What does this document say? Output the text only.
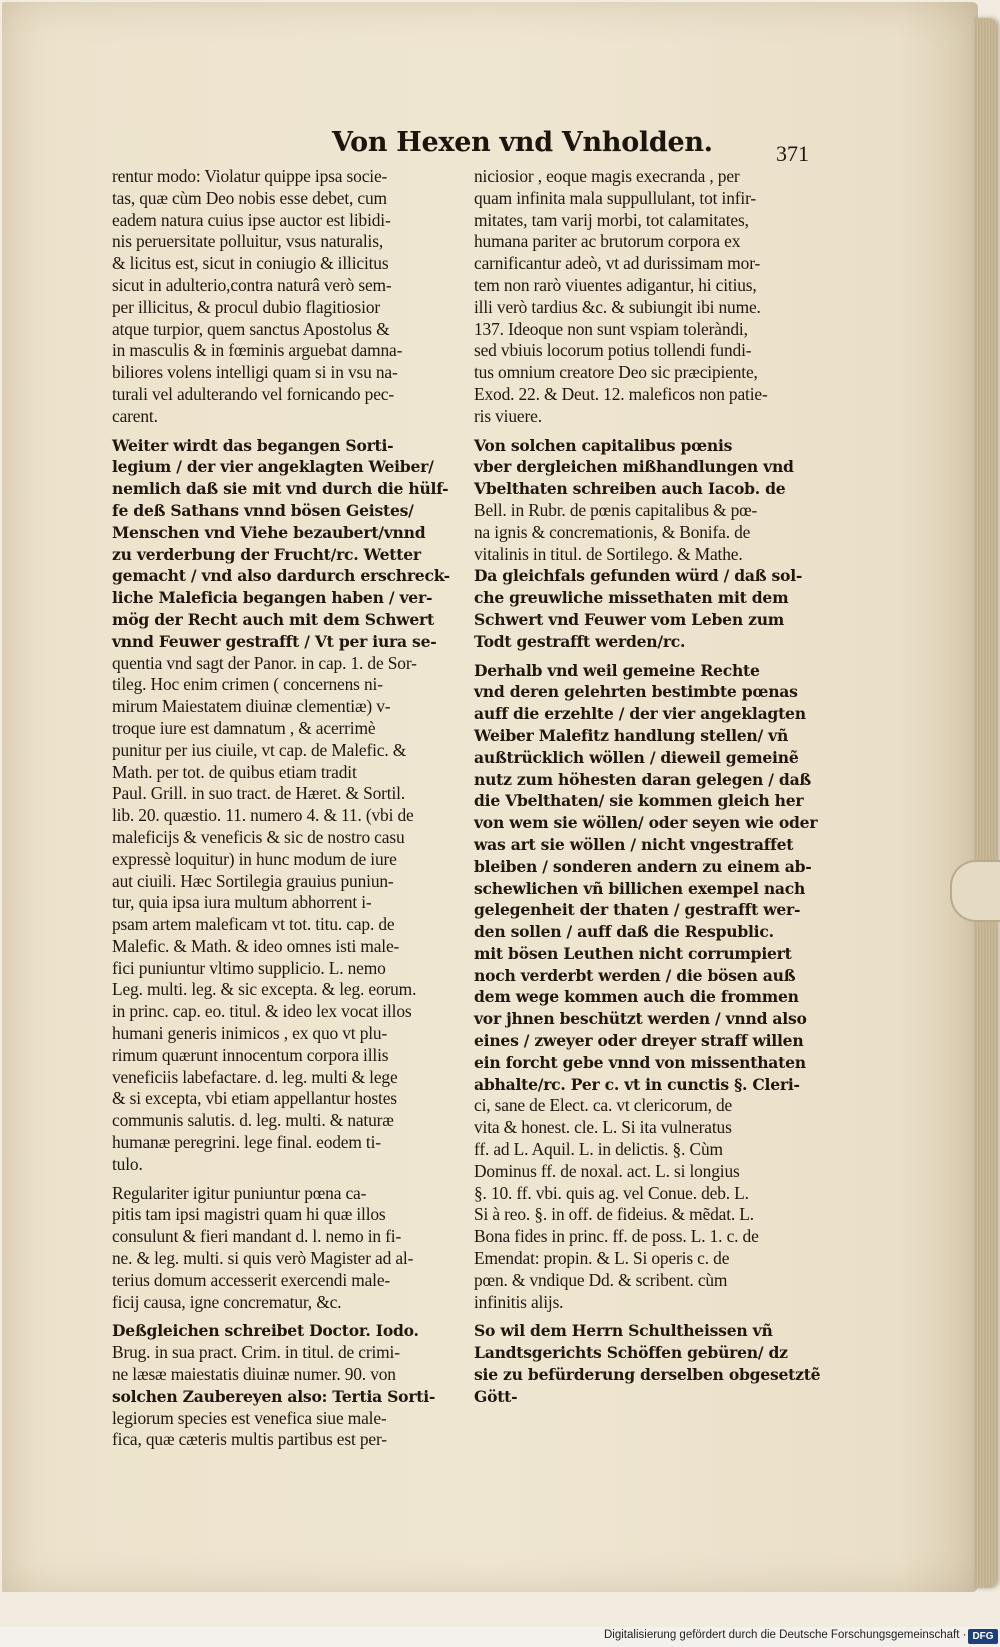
Von Hexen vnd Vnholden.	371
rentur modo: Violatur quippe ipsa socie-
tas, quæ cùm Deo nobis esse debet, cum
eadem natura cuius ipse auctor est libidi-
nis peruersitate polluitur, vsus naturalis,
& licitus est, sicut in coniugio & illicitus
sicut in adulterio,contra naturâ verò sem-
per illicitus, & procul dubio flagitiosior
atque turpior, quem sanctus Apostolus &
in masculis & in fœminis arguebat damna-
biliores volens intelligi quam si in vsu na-
turali vel adulterando vel fornicando pec-
carent.
Weiter wirdt das begangen Sorti-
legium / der vier angeklagten Weiber/
nemlich daß sie mit vnd durch die hülf-
fe deß Sathans vnnd bösen Geistes/
Menschen vnd Viehe bezaubert/vnnd
zu verderbung der Frucht/rc. Wetter
gemacht / vnd also dardurch erschreck-
liche Maleficia begangen haben / ver-
mög der Recht auch mit dem Schwert
vnnd Feuwer gestrafft / Vt per iura se-
quentia vnd sagt der Panor. in cap. 1. de Sor-
tileg. Hoc enim crimen ( concernens ni-
mirum Maiestatem diuinæ clementiæ) v-
troque iure est damnatum , & acerrimè
punitur per ius ciuile, vt cap. de Malefic. &
Math. per tot. de quibus etiam tradit
Paul. Grill. in suo tract. de Hæret. & Sortil.
lib. 20. quæstio. 11. numero 4. & 11. (vbi de
maleficijs & veneficis & sic de nostro casu
expressè loquitur) in hunc modum de iure
aut ciuili. Hæc Sortilegia grauius puniun-
tur, quia ipsa iura multum abhorrent i-
psam artem maleficam vt tot. titu. cap. de
Malefic. & Math. & ideo omnes isti male-
fici puniuntur vltimo supplicio. L. nemo
Leg. multi. leg. & sic excepta. & leg. eorum.
in princ. cap. eo. titul. & ideo lex vocat illos
humani generis inimicos , ex quo vt plu-
rimum quærunt innocentum corpora illis
veneficiis labefactare. d. leg. multi & lege
& si excepta, vbi etiam appellantur hostes
communis salutis. d. leg. multi. & naturæ
humanæ peregrini. lege final. eodem ti-
tulo.
Regulariter igitur puniuntur pœna ca-
pitis tam ipsi magistri quam hi quæ illos
consulunt & fieri mandant d. l. nemo in fi-
ne. & leg. multi. si quis verò Magister ad al-
terius domum accesserit exercendi male-
ficij causa, igne concrematur, &c.
Deßgleichen schreibet Doctor. Iodo.
Brug. in sua pract. Crim. in titul. de crimi-
ne læsæ maiestatis diuinæ numer. 90. von
solchen Zaubereyen also: Tertia Sorti-
legiorum species est venefica siue male-
fica, quæ cæteris multis partibus est per-
niciosior , eoque magis execranda , per
quam infinita mala suppullulant, tot infir-
mitates, tam varij morbi, tot calamitates,
humana pariter ac brutorum corpora ex
carnificantur adeò, vt ad durissimam mor-
tem non rarò viuentes adigantur, hi citius,
illi verò tardius &c. & subiungit ibi nume.
137. Ideoque non sunt vspiam toleràndi,
sed vbiuis locorum potius tollendi fundi-
tus omnium creatore Deo sic præcipiente,
Exod. 22. & Deut. 12. maleficos non patie-
ris viuere.
Von solchen capitalibus pœnis
vber dergleichen mißhandlungen vnd
Vbelthaten schreiben auch Iacob. de
Bell. in Rubr. de pœnis capitalibus & pœ-
na ignis & concremationis, & Bonifa. de
vitalinis in titul. de Sortilego. & Mathe.
Da gleichfals gefunden würd / daß sol-
che greuwliche missethaten mit dem
Schwert vnd Feuwer vom Leben zum
Todt gestrafft werden/rc.
Derhalb vnd weil gemeine Rechte
vnd deren gelehrten bestimbte pœnas
auff die erzehlte / der vier angeklagten
Weiber Malefitz handlung stellen/ vñ
außtrücklich wöllen / dieweil gemeinẽ
nutz zum höhesten daran gelegen / daß
die Vbelthaten/ sie kommen gleich her
von wem sie wöllen/ oder seyen wie oder
was art sie wöllen / nicht vngestraffet
bleiben / sonderen andern zu einem ab-
schewlichen vñ billichen exempel nach
gelegenheit der thaten / gestrafft wer-
den sollen / auff daß die Respublic.
mit bösen Leuthen nicht corrumpiert
noch verderbt werden / die bösen auß
dem wege kommen auch die frommen
vor jhnen beschützt werden / vnnd also
eines / zweyer oder dreyer straff willen
ein forcht gebe vnnd von missenthaten
abhalte/rc. Per c. vt in cunctis §. Cleri-
ci, sane de Elect. ca. vt clericorum, de
vita & honest. cle. L. Si ita vulneratus
ff. ad L. Aquil. L. in delictis. §. Cùm
Dominus ff. de noxal. act. L. si longius
§. 10. ff. vbi. quis ag. vel Conue. deb. L.
Si à reo. §. in off. de fideius. & mẽdat. L.
Bona fides in princ. ff. de poss. L. 1. c. de
Emendat: propin. & L. Si operis c. de
pœn. & vndique Dd. & scribent. cùm
infinitis alijs.
So wil dem Herrn Schultheissen vñ
Landtsgerichts Schöffen gebüren/ dz
sie zu befürderung derselben obgesetztẽ
Gött-
Digitalisierung gefördert durch die Deutsche Forschungsgemeinschaft · DFG
